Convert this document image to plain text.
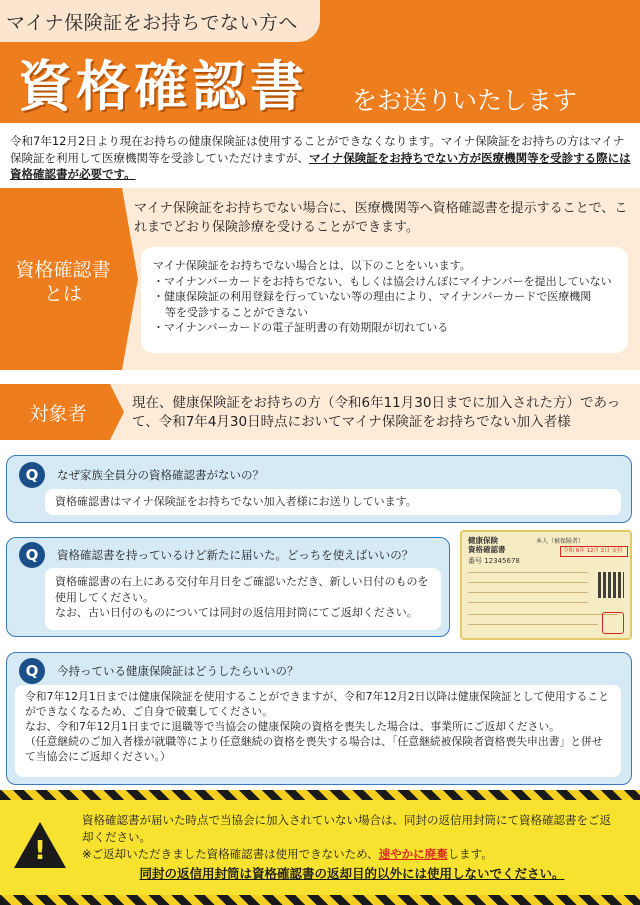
マイナ保険証をお持ちでない方へ
資格確認書 をお送りいたします
令和7年12月2日より現在お持ちの健康保険証は使用することができなくなります。マイナ保険証をお持ちの方はマイナ保険証を利用して医療機関等を受診していただけますが、マイナ保険証をお持ちでない方が医療機関等を受診する際には資格確認書が必要です。
資格確認書
とは
マイナ保険証をお持ちでない場合に、医療機関等へ資格確認書を提示することで、これまでどおり保険診療を受けることができます。
マイナ保険証をお持ちでない場合とは、以下のことをいいます。
・マイナンバーカードをお持ちでない、もしくは協会けんぽにマイナンバーを提出していない
・健康保険証の利用登録を行っていない等の理由により、マイナンバーカードで医療機関
等を受診することができない
・マイナンバーカードの電子証明書の有効期限が切れている
対象者	現在、健康保険証をお持ちの方（令和6年11月30日までに加入された方）であって、令和7年4月30日時点においてマイナ保険証をお持ちでない加入者様
Q	なぜ家族全員分の資格確認書がないの？
資格確認書はマイナ保険証をお持ちでない加入者様にお送りしています。
Q	資格確認書を持っているけど新たに届いた。どっちを使えばいいの？
資格確認書の右上にある交付年月日をご確認いただき、新しい日付のものを使用してください。
なお、古い日付のものについては同封の返信用封筒にてご返却ください。
健康保険
資格確認書
本人（被保険者）
令和 6年 12月 2日 交付
番号 12345678
Q	今持っている健康保険証はどうしたらいいの？
令和7年12月1日までは健康保険証を使用することができますが、令和7年12月2日以降は健康保険証として使用することができなくなるため、ご自身で破棄してください。
なお、令和7年12月1日までに退職等で当協会の健康保険の資格を喪失した場合は、事業所にご返却ください。
（任意継続のご加入者様が就職等により任意継続の資格を喪失する場合は、「任意継続被保険者資格喪失申出書」と併せて当協会にご返却ください。）
!
資格確認書が届いた時点で当協会に加入されていない場合は、同封の返信用封筒にて資格確認書をご返却ください。
※ご返却いただきました資格確認書は使用できないため、速やかに廃棄します。
同封の返信用封筒は資格確認書の返却目的以外には使用しないでください。
